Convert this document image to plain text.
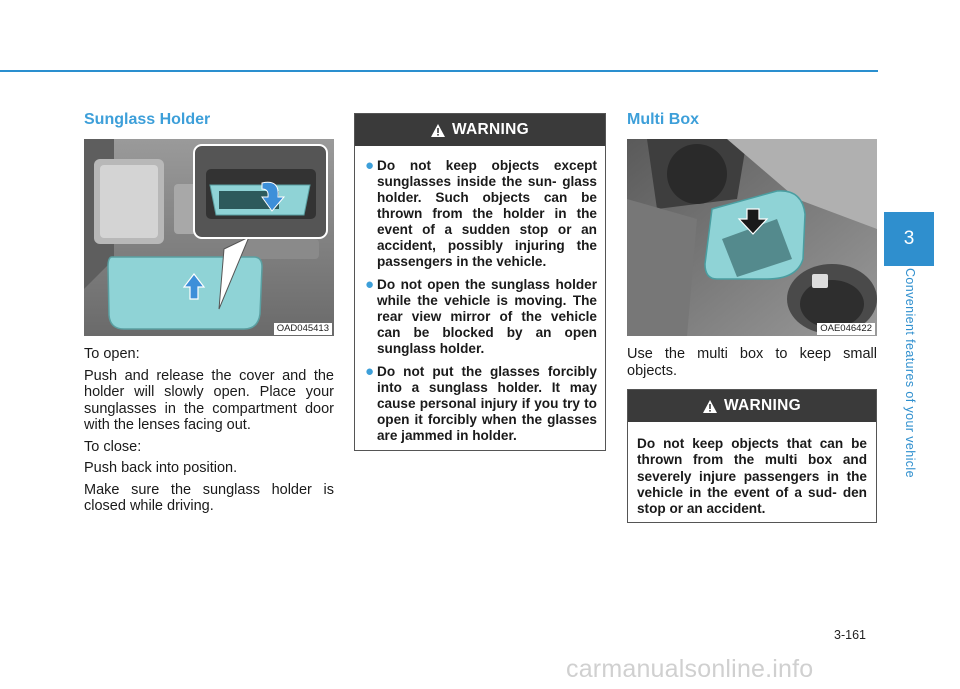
Sunglass Holder
OAD045413

To open:

Push and release the cover and the holder will slowly open. Place your sunglasses in the compartment door with the lenses facing out.

To close:

Push back into position.

Make sure the sunglass holder is closed while driving.

WARNING
● Do not keep objects except sunglasses inside the sun- glass holder. Such objects can be thrown from the holder in the event of a sudden stop or an accident, possibly injuring the passengers in the vehicle.
● Do not open the sunglass holder while the vehicle is moving. The rear view mirror of the vehicle can be blocked by an open sunglass holder.
● Do not put the glasses forcibly into a sunglass holder. It may cause personal injury if you try to open it forcibly when the glasses are jammed in holder.
Multi Box
OAE046422

Use the multi box to keep small objects.

WARNING
Do not keep objects that can be thrown from the multi box and severely injure passengers in the vehicle in the event of a sud- den stop or an accident.
3
Convenient features of your vehicle
3-161
carmanualsonline.info
